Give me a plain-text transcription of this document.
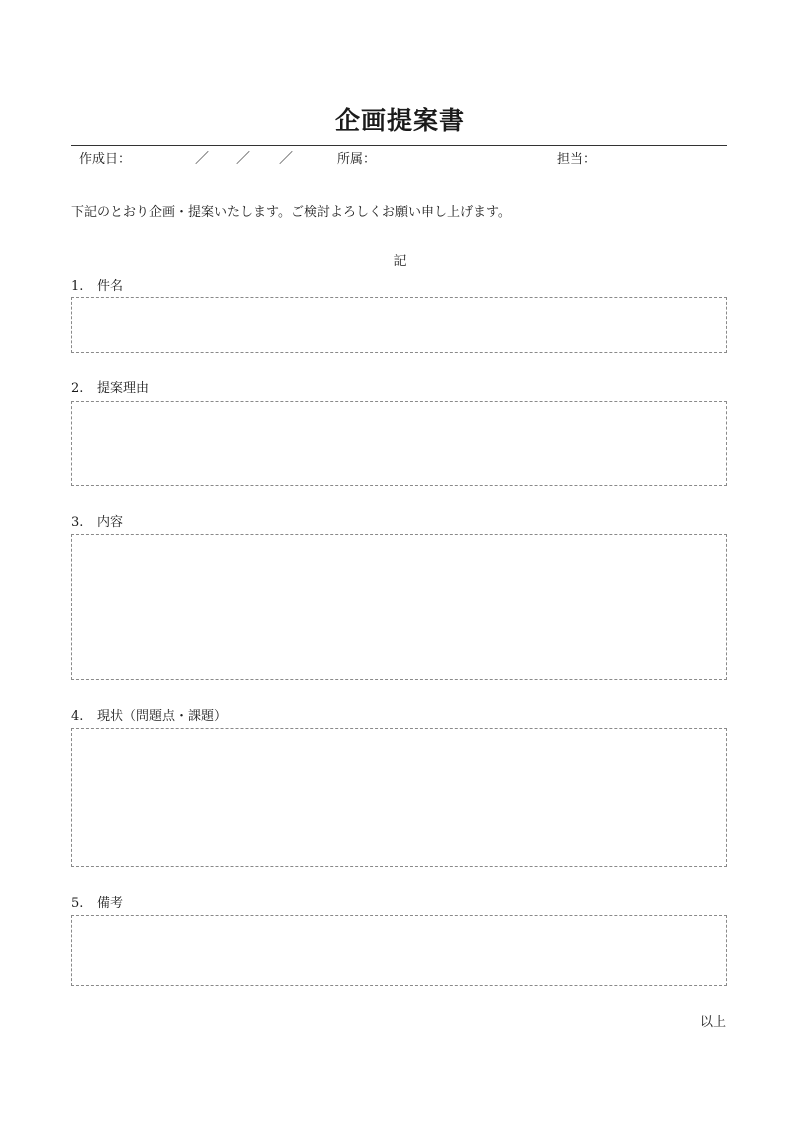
企画提案書
作成日：	／ ／ ／	所属：	担当：
下記のとおり企画・提案いたします。ご検討よろしくお願い申し上げます。
記
1. 件名
2. 提案理由
3. 内容
4. 現状（問題点・課題）
5. 備考
以上
